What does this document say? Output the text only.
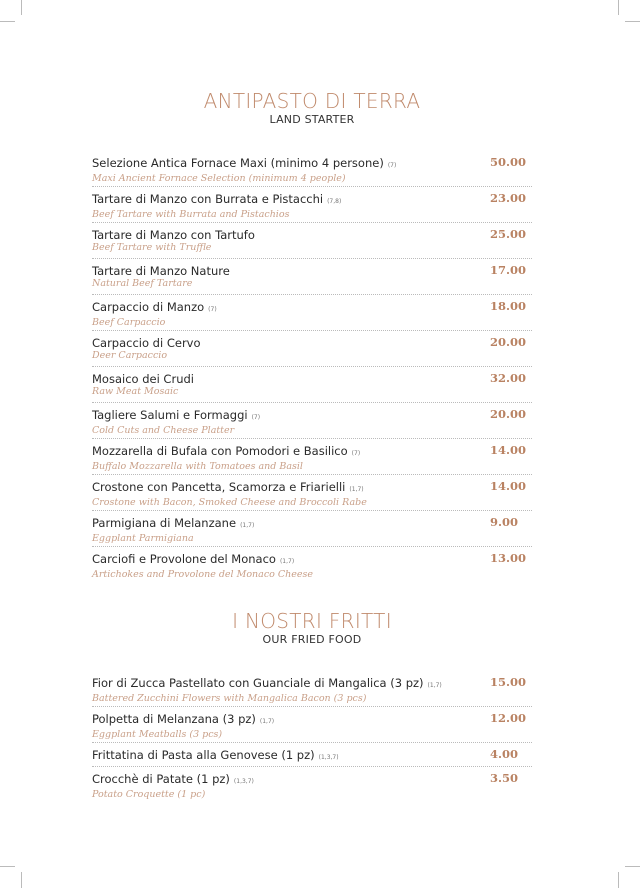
ANTIPASTO DI TERRA
LAND STARTER
Selezione Antica Fornace Maxi (minimo 4 persone) (7)
Maxi Ancient Fornace Selection (minimum 4 people)
50.00
Tartare di Manzo con Burrata e Pistacchi (7,8)
Beef Tartare with Burrata and Pistachios
23.00
Tartare di Manzo con Tartufo
Beef Tartare with Truffle
25.00
Tartare di Manzo Nature
Natural Beef Tartare
17.00
Carpaccio di Manzo (7)
Beef Carpaccio
18.00
Carpaccio di Cervo
Deer Carpaccio
20.00
Mosaico dei Crudi
Raw Meat Mosaic
32.00
Tagliere Salumi e Formaggi (7)
Cold Cuts and Cheese Platter
20.00
Mozzarella di Bufala con Pomodori e Basilico (7)
Buffalo Mozzarella with Tomatoes and Basil
14.00
Crostone con Pancetta, Scamorza e Friarielli (1,7)
Crostone with Bacon, Smoked Cheese and Broccoli Rabe
14.00
Parmigiana di Melanzane (1,7)
Eggplant Parmigiana
9.00
Carciofi e Provolone del Monaco (1,7)
Artichokes and Provolone del Monaco Cheese
13.00
I NOSTRI FRITTI
OUR FRIED FOOD
Fior di Zucca Pastellato con Guanciale di Mangalica (3 pz) (1,7)
Battered Zucchini Flowers with Mangalica Bacon (3 pcs)
15.00
Polpetta di Melanzana (3 pz) (1,7)
Eggplant Meatballs (3 pcs)
12.00
Frittatina di Pasta alla Genovese (1 pz) (1,3,7)	4.00
Crocchè di Patate (1 pz) (1,3,7)
Potato Croquette (1 pc)
3.50
